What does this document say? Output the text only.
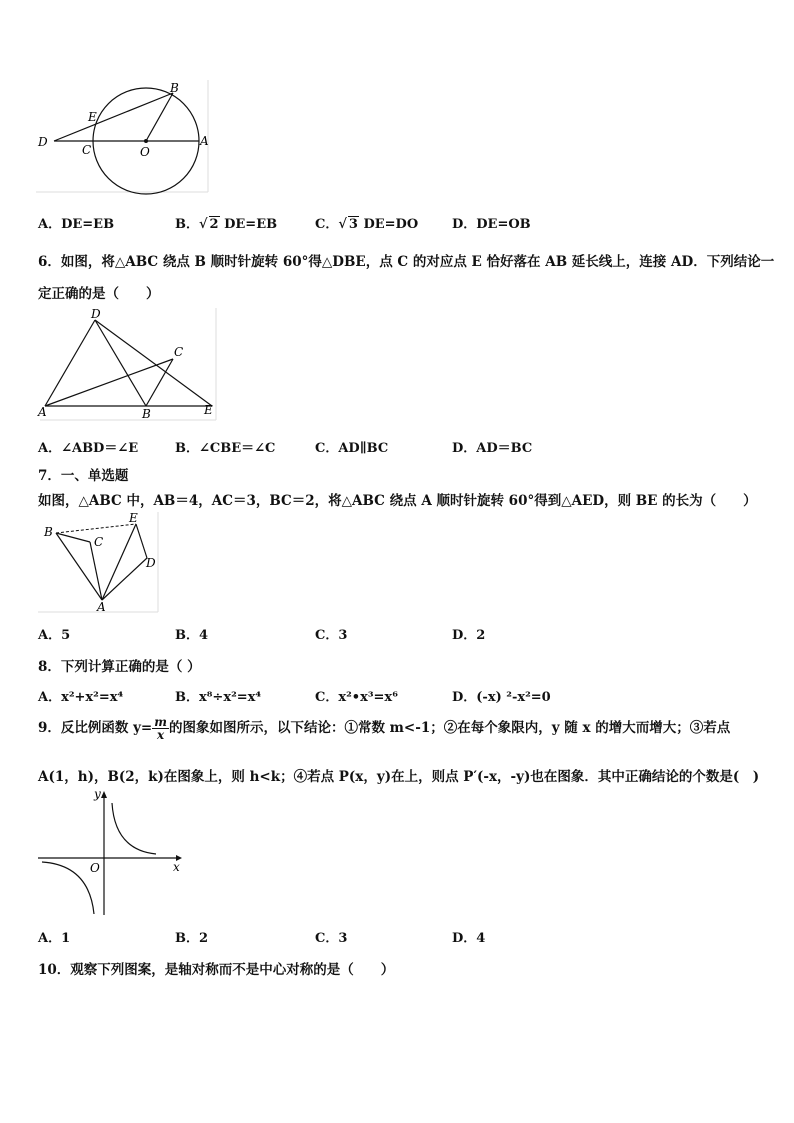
B
E
D
C	O
A
A．DE=EB	B．√ 2 DE=EB	C．√ 3 DE=DO	D．DE=OB
6．如图，将△ABC 绕点 B 顺时针旋转 60°得△DBE，点 C 的对应点 E 恰好落在 AB 延长线上，连接 AD．下列结论一
定正确的是（　　）
D
C
A	B	E
A．∠ABD＝∠E	B．∠CBE＝∠C	C．AD∥BC	D．AD＝BC
7．一、单选题
如图，△ABC 中，AB＝4，AC＝3，BC＝2，将△ABC 绕点 A 顺时针旋转 60°得到△AED，则 BE 的长为（　　）
B
C
E
D
A
A．5	B．4	C．3	D．2
8．下列计算正确的是（ ）
A．x²+x²=x⁴	B．x⁸÷x²=x⁴	C．x²•x³=x⁶	D．(-x) ²-x²=0
9．反比例函数 $y= \frac{m}{x}$ 的图象如图所示，以下结论：①常数 m<-1；②在每个象限内，y 随 x 的增大而增大；③若点
A(1，h)，B(2，k)在图象上，则 h<k；④若点 P(x，y)在上，则点 P′(-x，-y)也在图象．其中正确结论的个数是(　)
y
x
O
A．1	B．2	C．3	D．4
10．观察下列图案，是轴对称而不是中心对称的是（　　）
